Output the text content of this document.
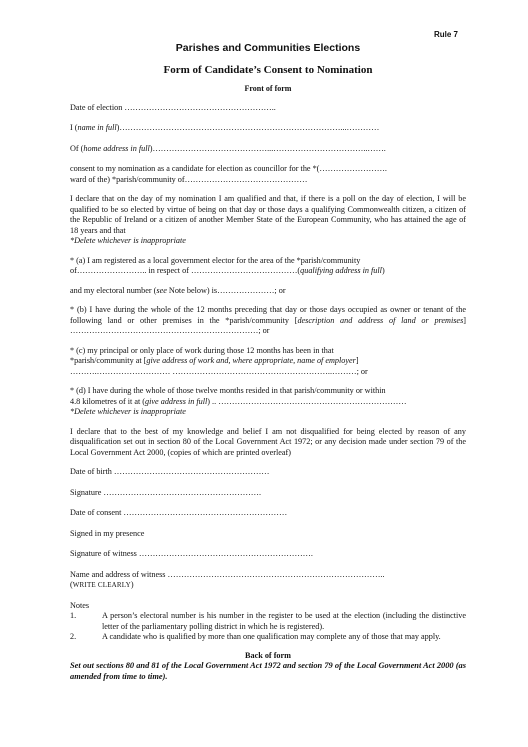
Rule 7

Parishes and Communities Elections

Form of Candidate’s Consent to Nomination

Front of form

Date of election ………………………………………………..

I (name in full)………………………………………………………………………...…………

Of (home address in full)……………………………………...……………………………..…….

consent to my nomination as a candidate for election as councillor for the *(…………………….

ward of the) *parish/community of………………………………………

I declare that on the day of my nomination I am qualified and that, if there is a poll on the day of election, I will be qualified to be so elected by virtue of being on that day or those days a qualifying Commonwealth citizen, a citizen of the Republic of Ireland or a citizen of another Member State of the European Community, who has attained the age of 18 years and that

*Delete whichever is inappropriate

* (a) I am registered as a local government elector for the area of the *parish/community

of…………………….. in respect of …………………………………(qualifying address in full)

and my electoral number (see Note below) is…………………; or

* (b) I have during the whole of the 12 months preceding that day or those days occupied as owner or tenant of the following land or other premises in the *parish/community [description and address of land or premises] ……………………………………………………………; or

* (c) my principal or only place of work during those 12 months has been in that

*parish/community at [give address of work and, where appropriate, name of employer]

……….……………………… …………………………………………………..………; or

* (d) I have during the whole of those twelve months resided in that parish/community or within

4.8 kilometres of it at (give address in full) .. ……………………………………………………………

*Delete whichever is inappropriate

I declare that to the best of my knowledge and belief I am not disqualified for being elected by reason of any disqualification set out in section 80 of the Local Government Act 1972; or any decision made under section 79 of the Local Government Act 2000, (copies of which are printed overleaf)

Date of birth …………………………………………………

Signature ………………………………………………….

Date of consent ……………………………………………………

Signed in my presence

Signature of witness ……………………………………………………….

Name and address of witness ……………………………………………………………………..

(WRITE CLEARLY)

Notes

1.	A person’s electoral number is his number in the register to be used at the election (including the distinctive letter of the parliamentary polling district in which he is registered).
2.	A candidate who is qualified by more than one qualification may complete any of those that may apply.

Back of form

Set out sections 80 and 81 of the Local Government Act 1972 and section 79 of the Local Government Act 2000 (as amended from time to time).
